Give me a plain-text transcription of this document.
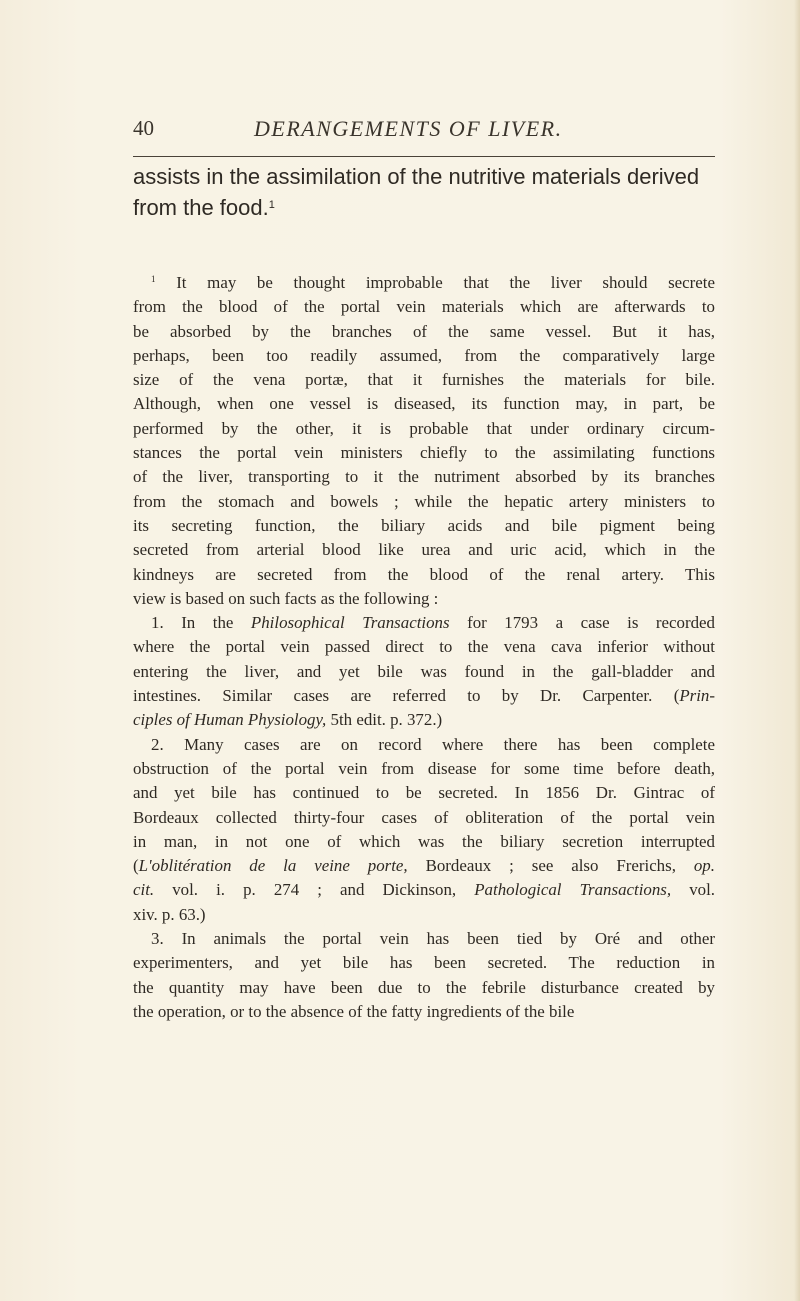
40	DERANGEMENTS OF LIVER.
assists in the assimilation of the nutritive materials derived
from the food.$^1$
$^1$ It may be thought improbable that the liver should secrete
from the blood of the portal vein materials which are afterwards to
be absorbed by the branches of the same vessel. But it has,
perhaps, been too readily assumed, from the comparatively large
size of the vena portæ, that it furnishes the materials for bile.
Although, when one vessel is diseased, its function may, in part, be
performed by the other, it is probable that under ordinary circum-
stances the portal vein ministers chiefly to the assimilating functions
of the liver, transporting to it the nutriment absorbed by its branches
from the stomach and bowels ; while the hepatic artery ministers to
its secreting function, the biliary acids and bile pigment being
secreted from arterial blood like urea and uric acid, which in the
kindneys are secreted from the blood of the renal artery. This
view is based on such facts as the following :
1. In the Philosophical Transactions for 1793 a case is recorded
where the portal vein passed direct to the vena cava inferior without
entering the liver, and yet bile was found in the gall-bladder and
intestines. Similar cases are referred to by Dr. Carpenter. (Prin-
ciples of Human Physiology, 5th edit. p. 372.)
2. Many cases are on record where there has been complete
obstruction of the portal vein from disease for some time before death,
and yet bile has continued to be secreted. In 1856 Dr. Gintrac of
Bordeaux collected thirty-four cases of obliteration of the portal vein
in man, in not one of which was the biliary secretion interrupted
(L'oblitération de la veine porte, Bordeaux ; see also Frerichs, op.
cit. vol. i. p. 274 ; and Dickinson, Pathological Transactions, vol.
xiv. p. 63.)
3. In animals the portal vein has been tied by Oré and other
experimenters, and yet bile has been secreted. The reduction in
the quantity may have been due to the febrile disturbance created by
the operation, or to the absence of the fatty ingredients of the bile
